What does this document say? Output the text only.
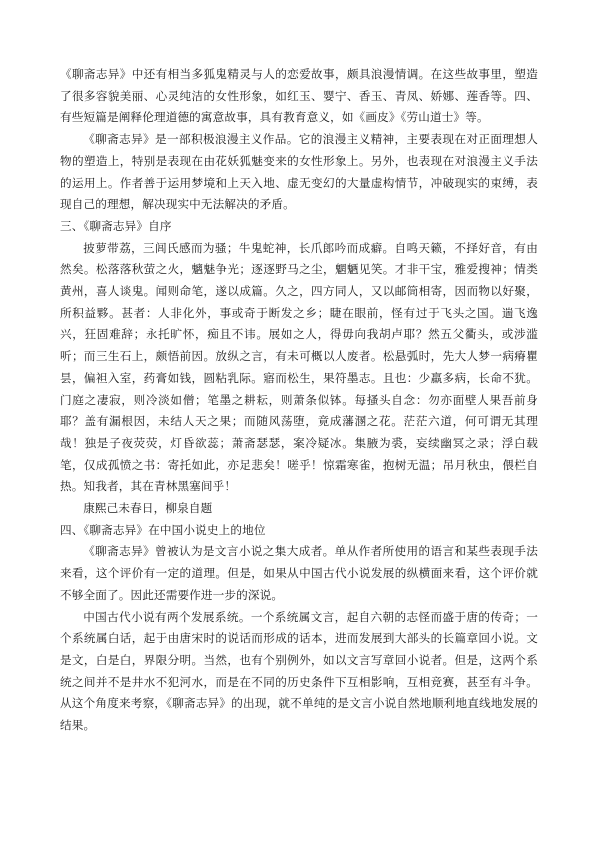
《聊斋志异》中还有相当多狐鬼精灵与人的恋爱故事，颇具浪漫情调。在这些故事里，塑造了很多容貌美丽、心灵纯洁的女性形象，如红玉、婴宁、香玉、青凤、娇娜、莲香等。四、有些短篇是阐释伦理道德的寓意故事，具有教育意义，如《画皮》《劳山道士》等。

《聊斋志异》是一部积极浪漫主义作品。它的浪漫主义精神，主要表现在对正面理想人物的塑造上，特别是表现在由花妖狐魅变来的女性形象上。另外，也表现在对浪漫主义手法的运用上。作者善于运用梦境和上天入地、虚无变幻的大量虚构情节，冲破现实的束缚，表现自己的理想，解决现实中无法解决的矛盾。

三、《聊斋志异》自序

披萝带荔，三闾氏感而为骚；牛鬼蛇神，长爪郎吟而成癖。自鸣天籁，不择好音，有由然矣。松落落秋萤之火，魑魅争光；逐逐野马之尘，魍魉见笑。才非干宝，雅爱搜神；情类黄州，喜人谈鬼。闻则命笔，遂以成篇。久之，四方同人，又以邮筒相寄，因而物以好聚，所积益夥。甚者：人非化外，事或奇于断发之乡；睫在眼前，怪有过于飞头之国。遄飞逸兴，狂固难辞；永托旷怀，痴且不讳。展如之人，得毋向我胡卢耶？然五父衢头，或涉滥听；而三生石上，颇悟前因。放纵之言，有未可概以人废者。松悬弧时，先大人梦一病瘠瞿昙，偏袒入室，药膏如钱，圆粘乳际。寤而松生，果符墨志。且也：少羸多病，长命不犹。门庭之凄寂，则冷淡如僧；笔墨之耕耘，则萧条似钵。每搔头自念：勿亦面壁人果吾前身耶？盖有漏根因，未结人天之果；而随风荡堕，竟成藩溷之花。茫茫六道，何可谓无其理哉！独是子夜荧荧，灯昏欲蕊；萧斋瑟瑟，案冷疑冰。集腋为裘，妄续幽冥之录；浮白载笔，仅成孤愤之书：寄托如此，亦足悲矣！嗟乎！惊霜寒雀，抱树无温；吊月秋虫，偎栏自热。知我者，其在青林黑塞间乎！

康熙己未春日，柳泉自题

四、《聊斋志异》在中国小说史上的地位

《聊斋志异》曾被认为是文言小说之集大成者。单从作者所使用的语言和某些表现手法来看，这个评价有一定的道理。但是，如果从中国古代小说发展的纵横面来看，这个评价就不够全面了。因此还需要作进一步的深说。

中国古代小说有两个发展系统。一个系统属文言，起自六朝的志怪而盛于唐的传奇；一个系统属白话，起于由唐宋时的说话而形成的话本，进而发展到大部头的长篇章回小说。文是文，白是白，界限分明。当然，也有个别例外，如以文言写章回小说者。但是，这两个系统之间并不是井水不犯河水，而是在不同的历史条件下互相影响，互相竞赛，甚至有斗争。从这个角度来考察，《聊斋志异》的出现，就不单纯的是文言小说自然地顺利地直线地发展的结果。
